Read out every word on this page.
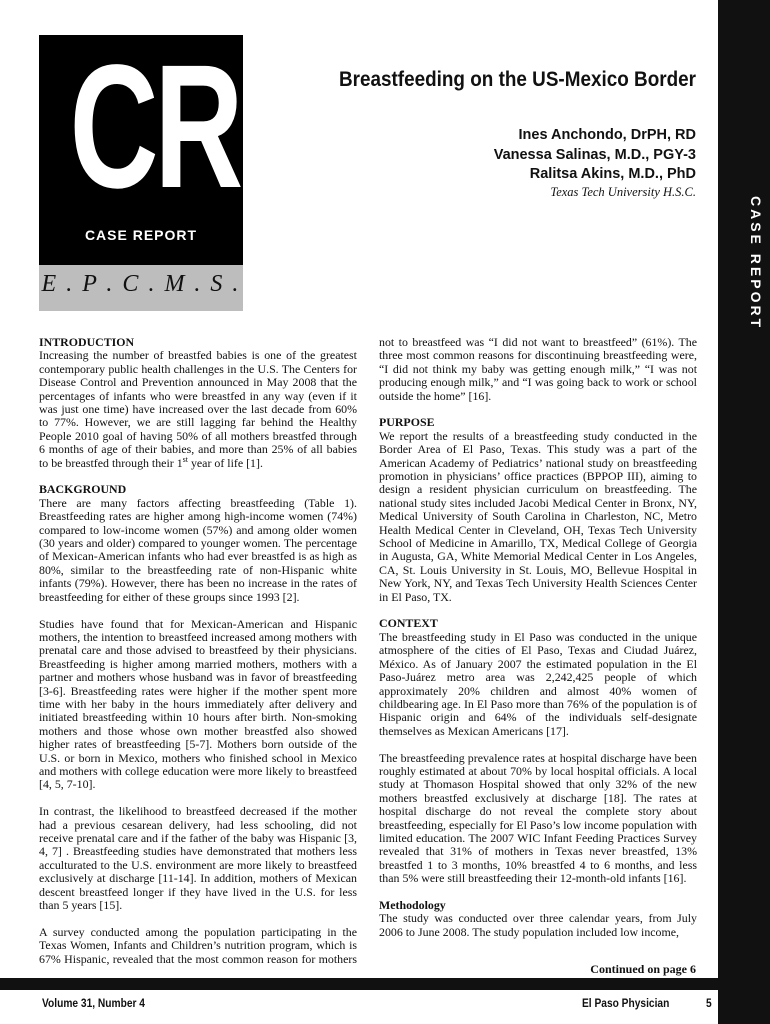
CASE REPORT
CR
CASE REPORT
E . P . C . M . S .
Breastfeeding on the US-Mexico Border
Ines Anchondo, DrPH, RD
Vanessa Salinas, M.D., PGY-3
Ralitsa Akins, M.D., PhD
Texas Tech University H.S.C.
INTRODUCTION

Increasing the number of breastfed babies is one of the greatest contemporary public health challenges in the U.S. The Centers for Disease Control and Prevention announced in May 2008 that the percentages of infants who were breastfed in any way (even if it was just one time) have increased over the last decade from 60% to 77%. However, we are still lagging far behind the Healthy People 2010 goal of having 50% of all mothers breastfed through 6 months of age of their babies, and more than 25% of all babies to be breastfed through their 1st year of life [1].

BACKGROUND

There are many factors affecting breastfeeding (Table 1). Breastfeeding rates are higher among high-income women (74%) compared to low-income women (57%) and among older women (30 years and older) compared to younger women. The percentage of Mexican-American infants who had ever breastfed is as high as 80%, similar to the breastfeeding rate of non-Hispanic white infants (79%). However, there has been no increase in the rates of breastfeeding for either of these groups since 1993 [2].

Studies have found that for Mexican-American and Hispanic mothers, the intention to breastfeed increased among mothers with prenatal care and those advised to breastfeed by their physicians. Breastfeeding is higher among married mothers, mothers with a partner and mothers whose husband was in favor of breastfeeding [3-6]. Breastfeeding rates were higher if the mother spent more time with her baby in the hours immediately after delivery and initiated breastfeeding within 10 hours after birth. Non-smoking mothers and those whose own mother breastfed also showed higher rates of breastfeeding [5-7]. Mothers born outside of the U.S. or born in Mexico, mothers who finished school in Mexico and mothers with college education were more likely to breastfeed [4, 5, 7-10].

In contrast, the likelihood to breastfeed decreased if the mother had a previous cesarean delivery, had less schooling, did not receive prenatal care and if the father of the baby was Hispanic [3, 4, 7] . Breastfeeding studies have demonstrated that mothers less acculturated to the U.S. environment are more likely to breastfeed exclusively at discharge [11-14]. In addition, mothers of Mexican descent breastfeed longer if they have lived in the U.S. for less than 5 years [15].

A survey conducted among the population participating in the Texas Women, Infants and Children’s nutrition program, which is 67% Hispanic, revealed that the most common reason for mothers

not to breastfeed was “I did not want to breastfeed” (61%). The three most common reasons for discontinuing breastfeeding were, “I did not think my baby was getting enough milk,” “I was not producing enough milk,” and “I was going back to work or school outside the home” [16].

PURPOSE

We report the results of a breastfeeding study conducted in the Border Area of El Paso, Texas. This study was a part of the American Academy of Pediatrics’ national study on breastfeeding promotion in physicians’ office practices (BPPOP III), aiming to design a resident physician curriculum on breastfeeding. The national study sites included Jacobi Medical Center in Bronx, NY, Medical University of South Carolina in Charleston, NC, Metro Health Medical Center in Cleveland, OH, Texas Tech University School of Medicine in Amarillo, TX, Medical College of Georgia in Augusta, GA, White Memorial Medical Center in Los Angeles, CA, St. Louis University in St. Louis, MO, Bellevue Hospital in New York, NY, and Texas Tech University Health Sciences Center in El Paso, TX.

CONTEXT

The breastfeeding study in El Paso was conducted in the unique atmosphere of the cities of El Paso, Texas and Ciudad Juárez, México. As of January 2007 the estimated population in the El Paso-Juárez metro area was 2,242,425 people of which approximately 20% children and almost 40% women of childbearing age. In El Paso more than 76% of the population is of Hispanic origin and 64% of the individuals self-designate themselves as Mexican Americans [17].

The breastfeeding prevalence rates at hospital discharge have been roughly estimated at about 70% by local hospital officials. A local study at Thomason Hospital showed that only 32% of the new mothers breastfed exclusively at discharge [18]. The rates at hospital discharge do not reveal the complete story about breastfeeding, especially for El Paso’s low income population with limited education. The 2007 WIC Infant Feeding Practices Survey revealed that 31% of mothers in Texas never breastfed, 13% breastfed 1 to 3 months, 10% breastfed 4 to 6 months, and less than 5% were still breastfeeding their 12-month-old infants [16].

Methodology

The study was conducted over three calendar years, from July 2006 to June 2008. The study population included low income,

Continued on page 6
Volume 31, Number 4	El Paso Physician	5
